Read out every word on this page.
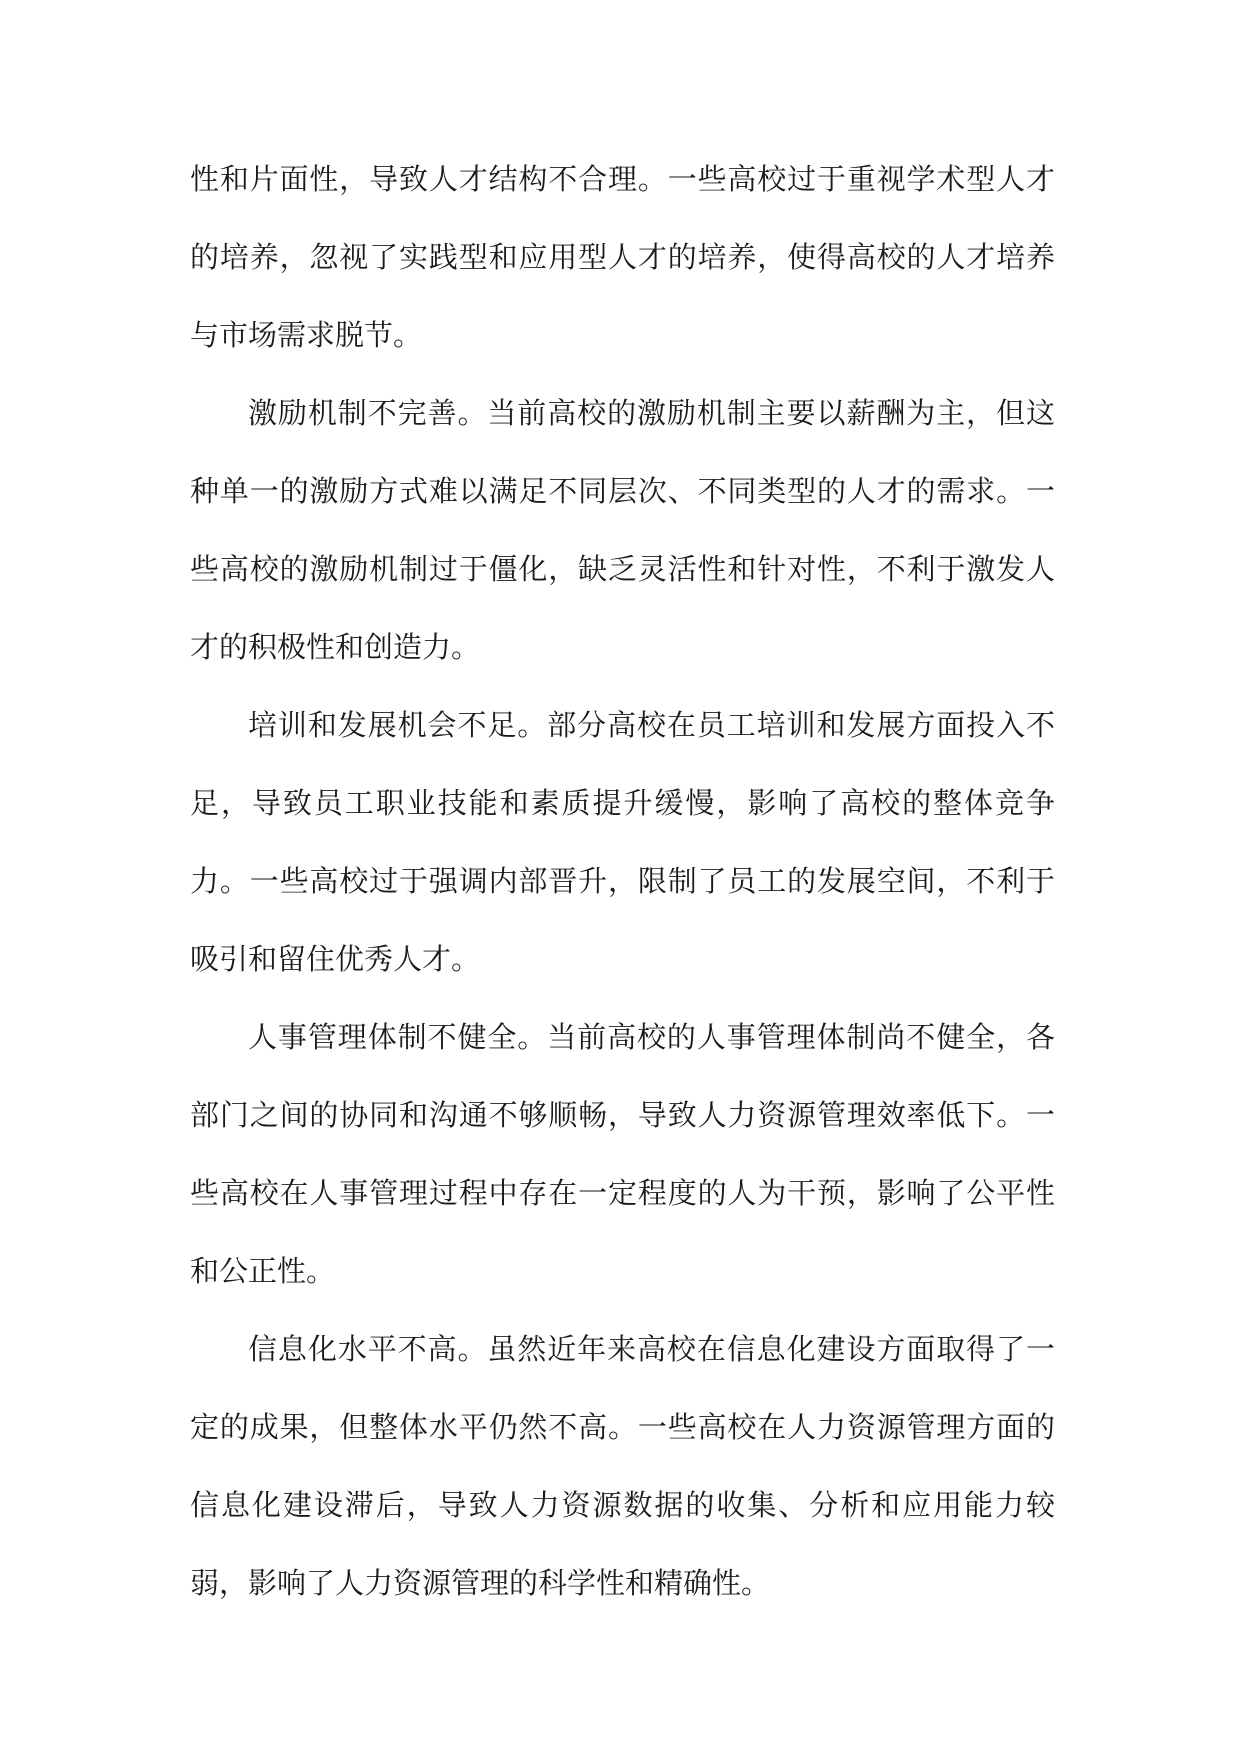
性和片面性，导致人才结构不合理。一些高校过于重视学术型人才的培养，忽视了实践型和应用型人才的培养，使得高校的人才培养与市场需求脱节。

激励机制不完善。当前高校的激励机制主要以薪酬为主，但这种单一的激励方式难以满足不同层次、不同类型的人才的需求。一些高校的激励机制过于僵化，缺乏灵活性和针对性，不利于激发人才的积极性和创造力。

培训和发展机会不足。部分高校在员工培训和发展方面投入不足，导致员工职业技能和素质提升缓慢，影响了高校的整体竞争力。一些高校过于强调内部晋升，限制了员工的发展空间，不利于吸引和留住优秀人才。

人事管理体制不健全。当前高校的人事管理体制尚不健全，各部门之间的协同和沟通不够顺畅，导致人力资源管理效率低下。一些高校在人事管理过程中存在一定程度的人为干预，影响了公平性和公正性。

信息化水平不高。虽然近年来高校在信息化建设方面取得了一定的成果，但整体水平仍然不高。一些高校在人力资源管理方面的信息化建设滞后，导致人力资源数据的收集、分析和应用能力较弱，影响了人力资源管理的科学性和精确性。
